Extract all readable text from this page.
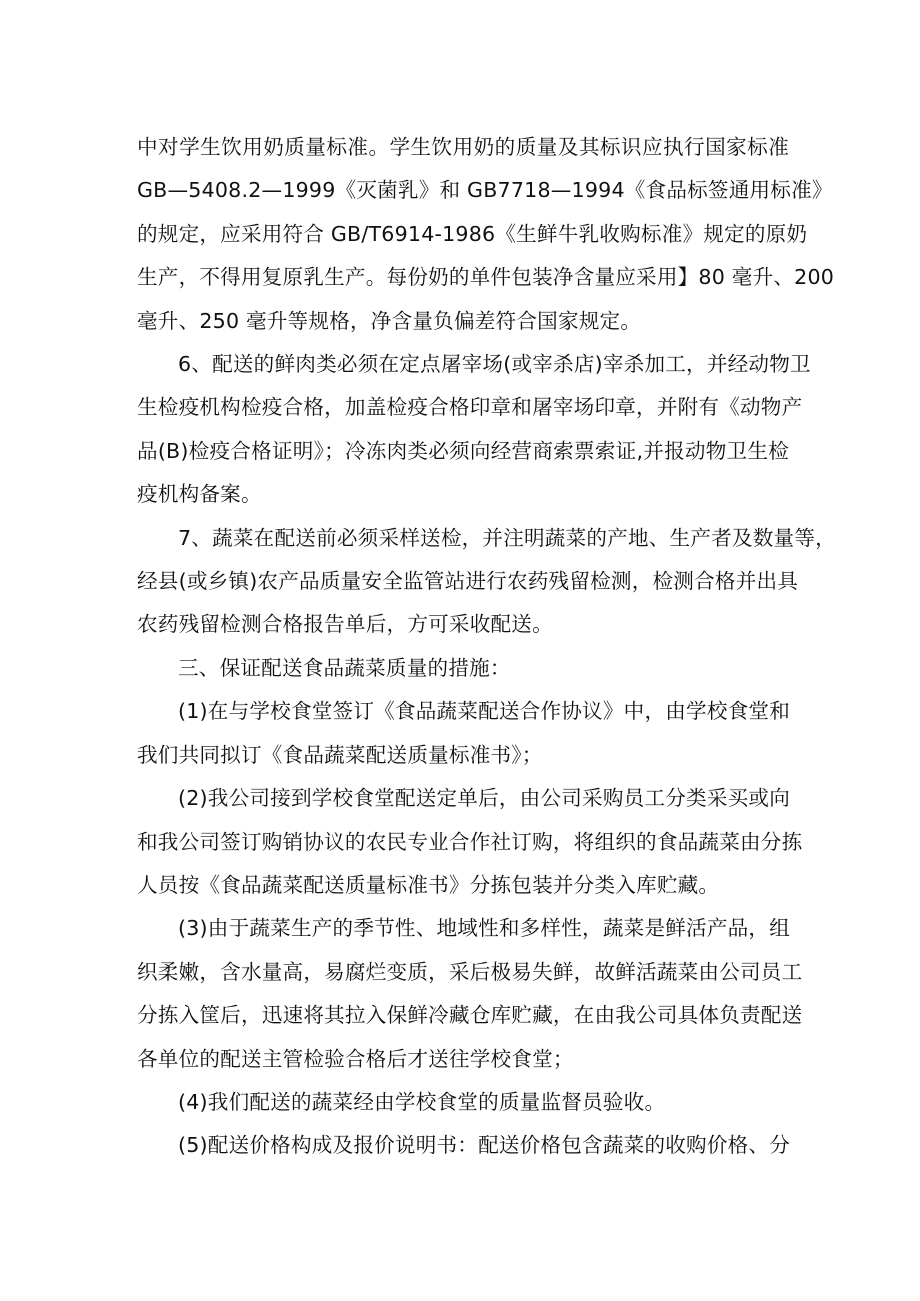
中对学生饮用奶质量标准。学生饮用奶的质量及其标识应执行国家标准
GB—5408.2—1999《灭菌乳》和 GB7718—1994《食品标签通用标准》
的规定，应采用符合 GB/T6914-1986《生鲜牛乳收购标准》规定的原奶
生产，不得用复原乳生产。每份奶的单件包装净含量应采用】80 毫升、200
毫升、250 毫升等规格，净含量负偏差符合国家规定。
6、配送的鲜肉类必须在定点屠宰场(或宰杀店)宰杀加工，并经动物卫
生检疫机构检疫合格，加盖检疫合格印章和屠宰场印章，并附有《动物产
品(B)检疫合格证明》；冷冻肉类必须向经营商索票索证,并报动物卫生检
疫机构备案。
7、蔬菜在配送前必须采样送检，并注明蔬菜的产地、生产者及数量等，
经县(或乡镇)农产品质量安全监管站进行农药残留检测，检测合格并出具
农药残留检测合格报告单后，方可采收配送。
三、保证配送食品蔬菜质量的措施：
(1)在与学校食堂签订《食品蔬菜配送合作协议》中，由学校食堂和
我们共同拟订《食品蔬菜配送质量标准书》；
(2)我公司接到学校食堂配送定单后，由公司采购员工分类采买或向
和我公司签订购销协议的农民专业合作社订购，将组织的食品蔬菜由分拣
人员按《食品蔬菜配送质量标准书》分拣包装并分类入库贮藏。
(3)由于蔬菜生产的季节性、地域性和多样性，蔬菜是鲜活产品，组
织柔嫩，含水量高，易腐烂变质，采后极易失鲜，故鲜活蔬菜由公司员工
分拣入筐后，迅速将其拉入保鲜冷藏仓库贮藏，在由我公司具体负责配送
各单位的配送主管检验合格后才送往学校食堂；
(4)我们配送的蔬菜经由学校食堂的质量监督员验收。
(5)配送价格构成及报价说明书：配送价格包含蔬菜的收购价格、分
